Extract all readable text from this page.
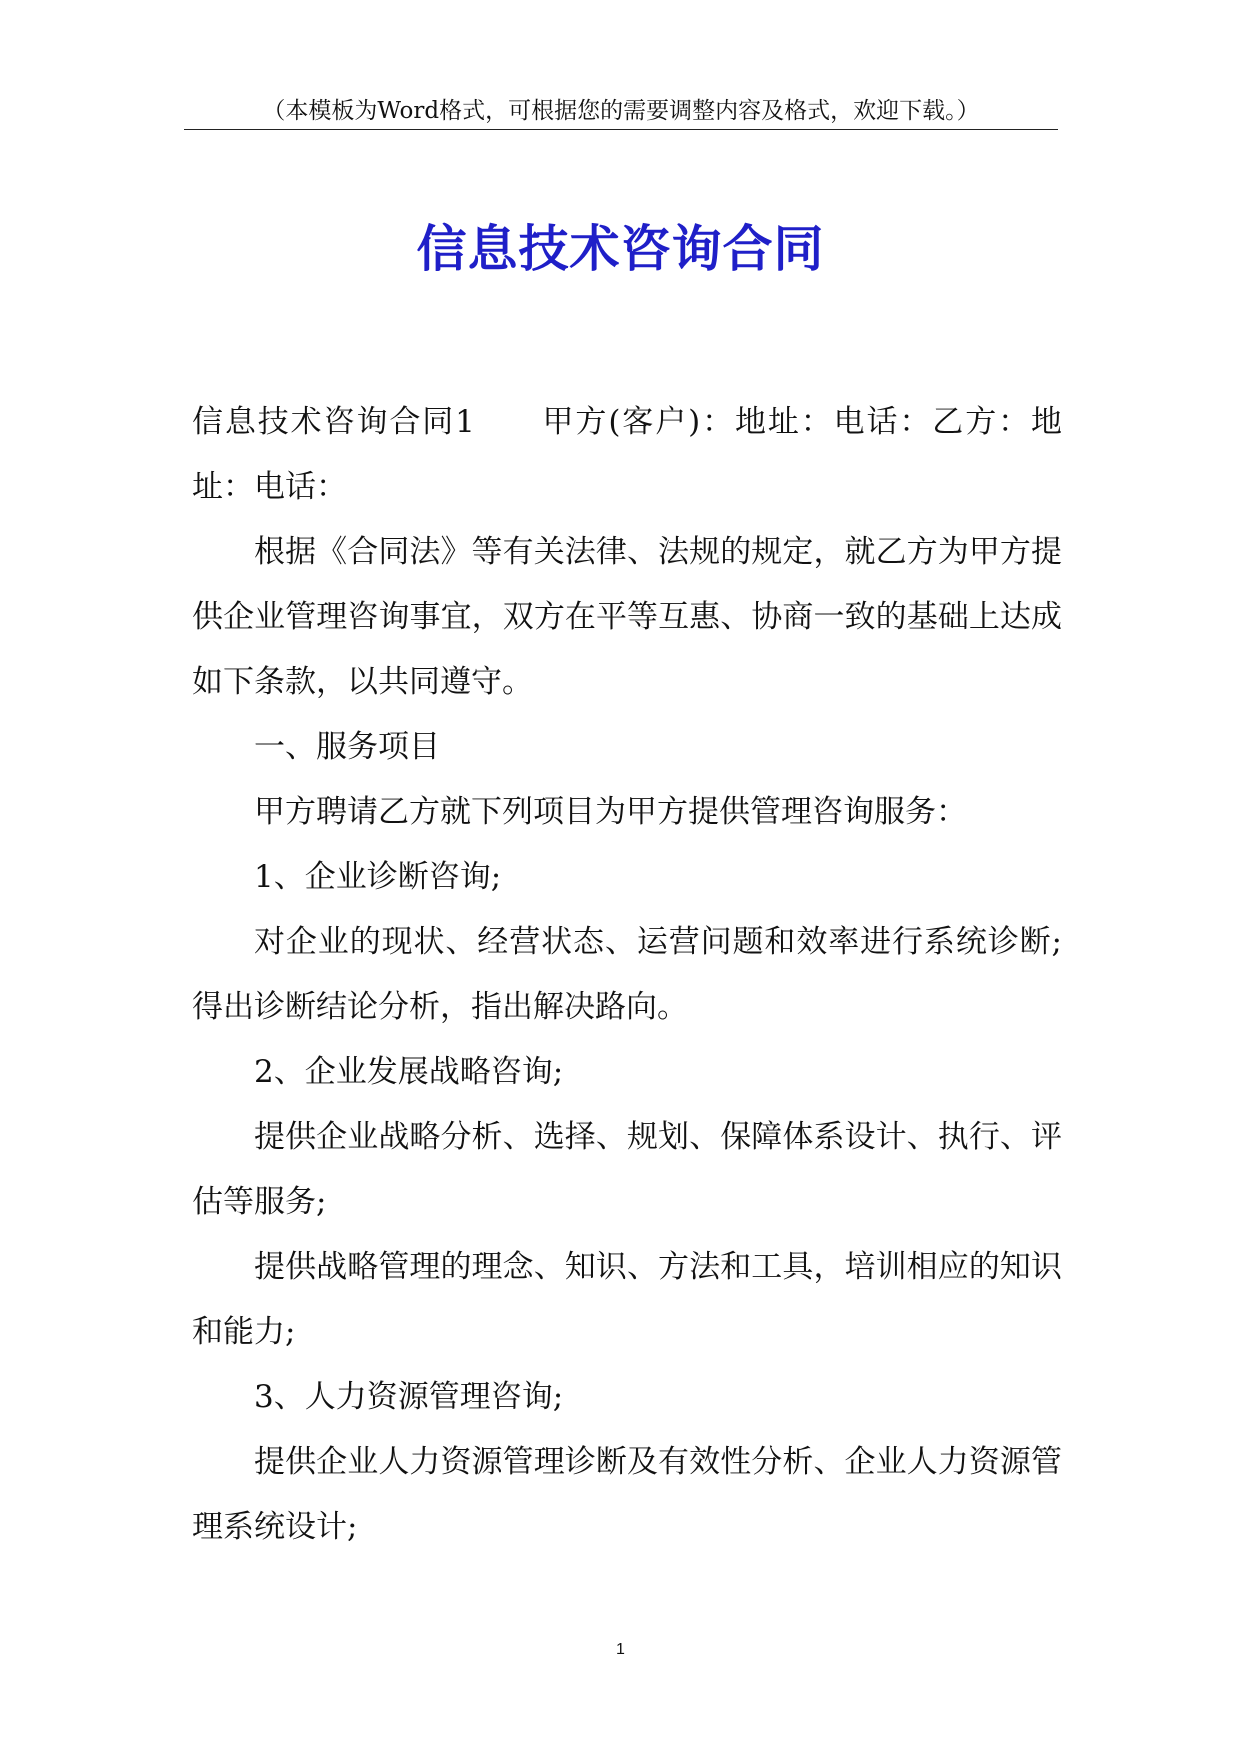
（本模板为Word格式，可根据您的需要调整内容及格式，欢迎下载。）
信息技术咨询合同

信息技术咨询合同1　　甲方(客户)：地址：电话：乙方：地址：电话：

根据《合同法》等有关法律、法规的规定，就乙方为甲方提供企业管理咨询事宜，双方在平等互惠、协商一致的基础上达成如下条款，以共同遵守。

一、服务项目

甲方聘请乙方就下列项目为甲方提供管理咨询服务：

1、企业诊断咨询;

对企业的现状、经营状态、运营问题和效率进行系统诊断;得出诊断结论分析，指出解决路向。

2、企业发展战略咨询;

提供企业战略分析、选择、规划、保障体系设计、执行、评估等服务;

提供战略管理的理念、知识、方法和工具，培训相应的知识和能力;

3、人力资源管理咨询;

提供企业人力资源管理诊断及有效性分析、企业人力资源管理系统设计;

1
